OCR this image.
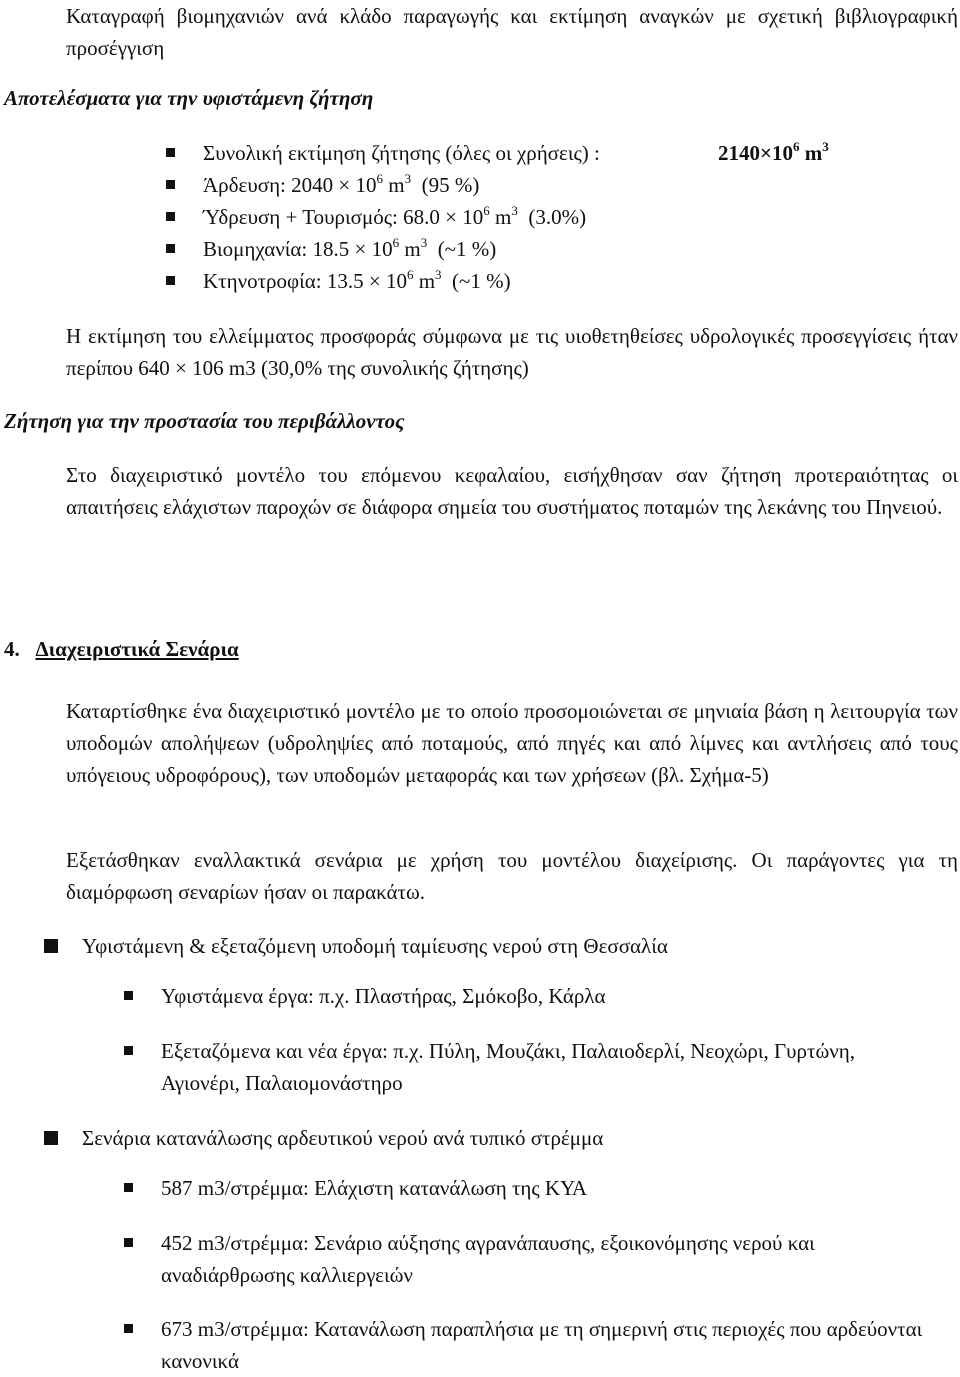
Καταγραφή βιομηχανιών ανά κλάδο παραγωγής και εκτίμηση αναγκών με σχετική βιβλιογραφική προσέγγιση
Αποτελέσματα για την υφιστάμενη ζήτηση
Συνολική εκτίμηση ζήτησης (όλες οι χρήσεις) :	$2140\times 10^6$ $m^3$
Άρδευση: $2040 \times 10^6$ $m^3$  (95 %)
Ύδρευση + Τουρισμός: $68.0 \times 10^6$ $m^3$  (3.0%)
Βιομηχανία: $18.5 \times 10^6$ $m^3$  (~1 %)
Κτηνοτροφία: $13.5 \times 10^6$ $m^3$  (~1 %)
Η εκτίμηση του ελλείμματος προσφοράς σύμφωνα με τις υιοθετηθείσες υδρολογικές προσεγγίσεις ήταν περίπου 640 × 106 m3 (30,0% της συνολικής ζήτησης)
Ζήτηση για την προστασία του περιβάλλοντος
Στο διαχειριστικό μοντέλο του επόμενου κεφαλαίου, εισήχθησαν σαν ζήτηση προτεραιότητας οι απαιτήσεις ελάχιστων παροχών σε διάφορα σημεία του συστήματος ποταμών της λεκάνης του Πηνειού.
4. Διαχειριστικά Σενάρια
Καταρτίσθηκε ένα διαχειριστικό μοντέλο με το οποίο προσομοιώνεται σε μηνιαία βάση η λειτουργία των υποδομών απολήψεων (υδροληψίες από ποταμούς, από πηγές και από λίμνες και αντλήσεις από τους υπόγειους υδροφόρους), των υποδομών μεταφοράς και των χρήσεων (βλ. Σχήμα-5)
Εξετάσθηκαν εναλλακτικά σενάρια με χρήση του μοντέλου διαχείρισης. Οι παράγοντες για τη διαμόρφωση σεναρίων ήσαν οι παρακάτω.
Υφιστάμενη & εξεταζόμενη υποδομή ταμίευσης νερού στη Θεσσαλία
Υφιστάμενα έργα: π.χ. Πλαστήρας, Σμόκοβο, Κάρλα
Εξεταζόμενα και νέα έργα: π.χ. Πύλη, Μουζάκι, Παλαιοδερλί, Νεοχώρι, Γυρτώνη, Αγιονέρι, Παλαιομονάστηρο
Σενάρια κατανάλωσης αρδευτικού νερού ανά τυπικό στρέμμα
587 m3/στρέμμα: Ελάχιστη κατανάλωση της ΚΥΑ
452 m3/στρέμμα: Σενάριο αύξησης αγρανάπαυσης, εξοικονόμησης νερού και αναδιάρθρωσης καλλιεργειών
673 m3/στρέμμα: Κατανάλωση παραπλήσια με τη σημερινή στις περιοχές που αρδεύονται κανονικά
